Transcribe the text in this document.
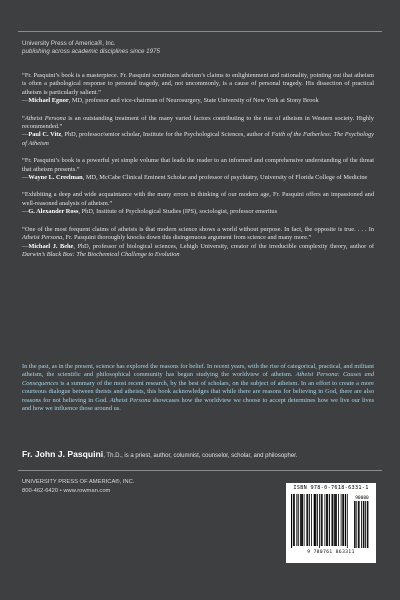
University Press of America®, Inc.
publishing across academic disciplines since 1975

“Fr. Pasquini’s book is a masterpiece. Fr. Pasquini scrutinizes atheism’s claims to enlightenment and rationality, pointing out that atheism is often a pathological response to personal tragedy, and, not uncommonly, is a cause of personal tragedy. His dissection of practical atheism is particularly salient.”

—Michael Egnor, MD, professor and vice-chairman of Neurosurgery, State University of New York at Stony Brook

“Atheist Persona is an outstanding treatment of the many varied factors contributing to the rise of atheism in Western society. Highly recommended.”

—Paul C. Vitz, PhD, professor/senior scholar, Institute for the Psychological Sciences, author of Faith of the Fatherless: The Psychology of Atheism

“Fr. Pasquini’s book is a powerful yet simple volume that leads the reader to an informed and comprehensive understanding of the threat that atheism presents.”

—Wayne L. Creelman, MD, McCabe Clinical Eminent Scholar and professor of psychiatry, University of Florida College of Medicine

“Exhibiting a deep and wide acquaintance with the many errors in thinking of our modern age, Fr. Pasquini offers an impassioned and well-reasoned analysis of atheism.”

—G. Alexander Ross, PhD, Institute of Psychological Studies (IPS), sociologist, professor emeritus

“One of the most frequent claims of atheists is that modern science shows a world without purpose. In fact, the opposite is true. . . . In Atheist Persona, Fr. Pasquini thoroughly knocks down this disingenuous argument from science and many more.”

—Michael J. Behe, PhD, professor of biological sciences, Lehigh University, creator of the irreducible complexity theory, author of Darwin’s Black Box: The Biochemical Challenge to Evolution

In the past, as in the present, science has explored the reasons for belief. In recent years, with the rise of categorical, practical, and militant atheism, the scientific and philosophical community has begun studying the worldview of atheism. Atheist Persona: Causes and Consequences is a summary of the most recent research, by the best of scholars, on the subject of atheism. In an effort to create a more courteous dialogue between theists and atheists, this book acknowledges that while there are reasons for believing in God, there are also reasons for not believing in God. Atheist Persona showcases how the worldview we choose to accept determines how we live our lives and how we influence those around us.

Fr. John J. Pasquini, Th.D., is a priest, author, columnist, counselor, scholar, and philosopher.
UNIVERSITY PRESS OF AMERICA®, INC.
800-462-6420 • www.rowman.com	ISBN 978-0-7618-6331-1
90000
9 780761 863311
